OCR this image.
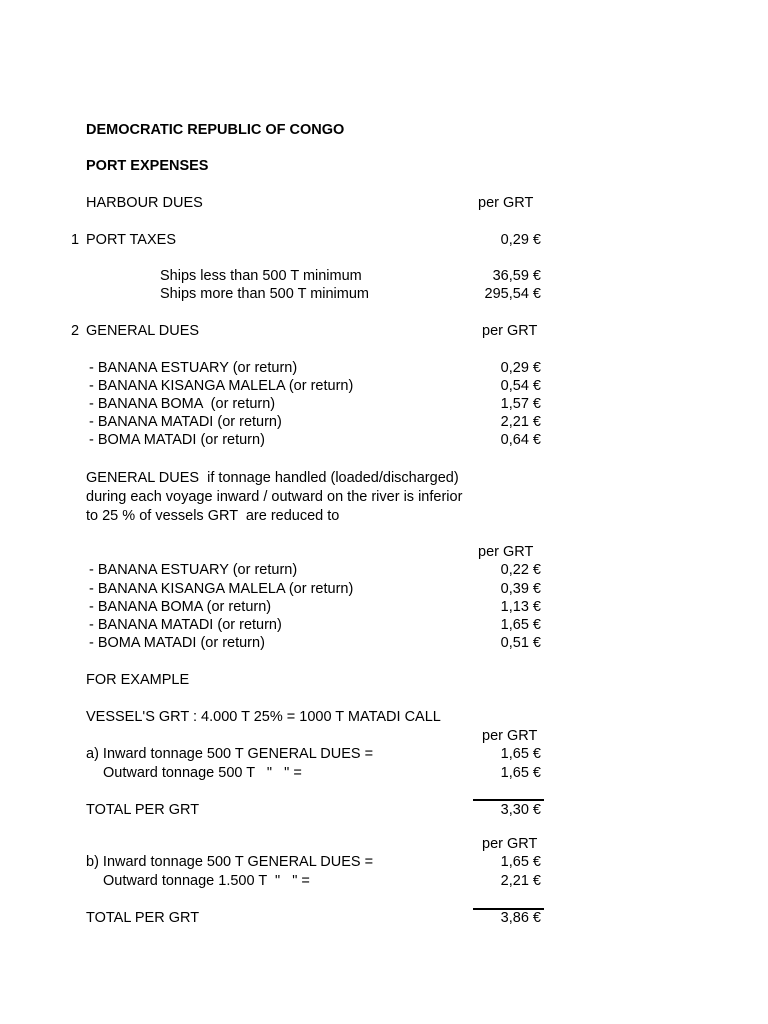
DEMOCRATIC REPUBLIC OF CONGO
PORT EXPENSES
HARBOUR DUES	per GRT
1 PORT TAXES	0,29 €
Ships less than 500 T minimum	36,59 €
Ships more than 500 T minimum	295,54 €
2 GENERAL DUES	per GRT
- BANANA ESTUARY (or return)	0,29 €
- BANANA KISANGA MALELA (or return)	0,54 €
- BANANA BOMA  (or return)	1,57 €
- BANANA MATADI (or return)	2,21 €
- BOMA MATADI (or return)	0,64 €
GENERAL DUES  if tonnage handled (loaded/discharged)
during each voyage inward / outward on the river is inferior
to 25 % of vessels GRT  are reduced to
per GRT
- BANANA ESTUARY (or return)	0,22 €
- BANANA KISANGA MALELA (or return)	0,39 €
- BANANA BOMA (or return)	1,13 €
- BANANA MATADI (or return)	1,65 €
- BOMA MATADI (or return)	0,51 €
FOR EXAMPLE
VESSEL'S GRT : 4.000 T 25% = 1000 T MATADI CALL
per GRT
a) Inward tonnage 500 T GENERAL DUES =	1,65 €
Outward tonnage 500 T   "   " =	1,65 €
TOTAL PER GRT	3,30 €
per GRT
b) Inward tonnage 500 T GENERAL DUES =	1,65 €
Outward tonnage 1.500 T  "   " =	2,21 €
TOTAL PER GRT	3,86 €
